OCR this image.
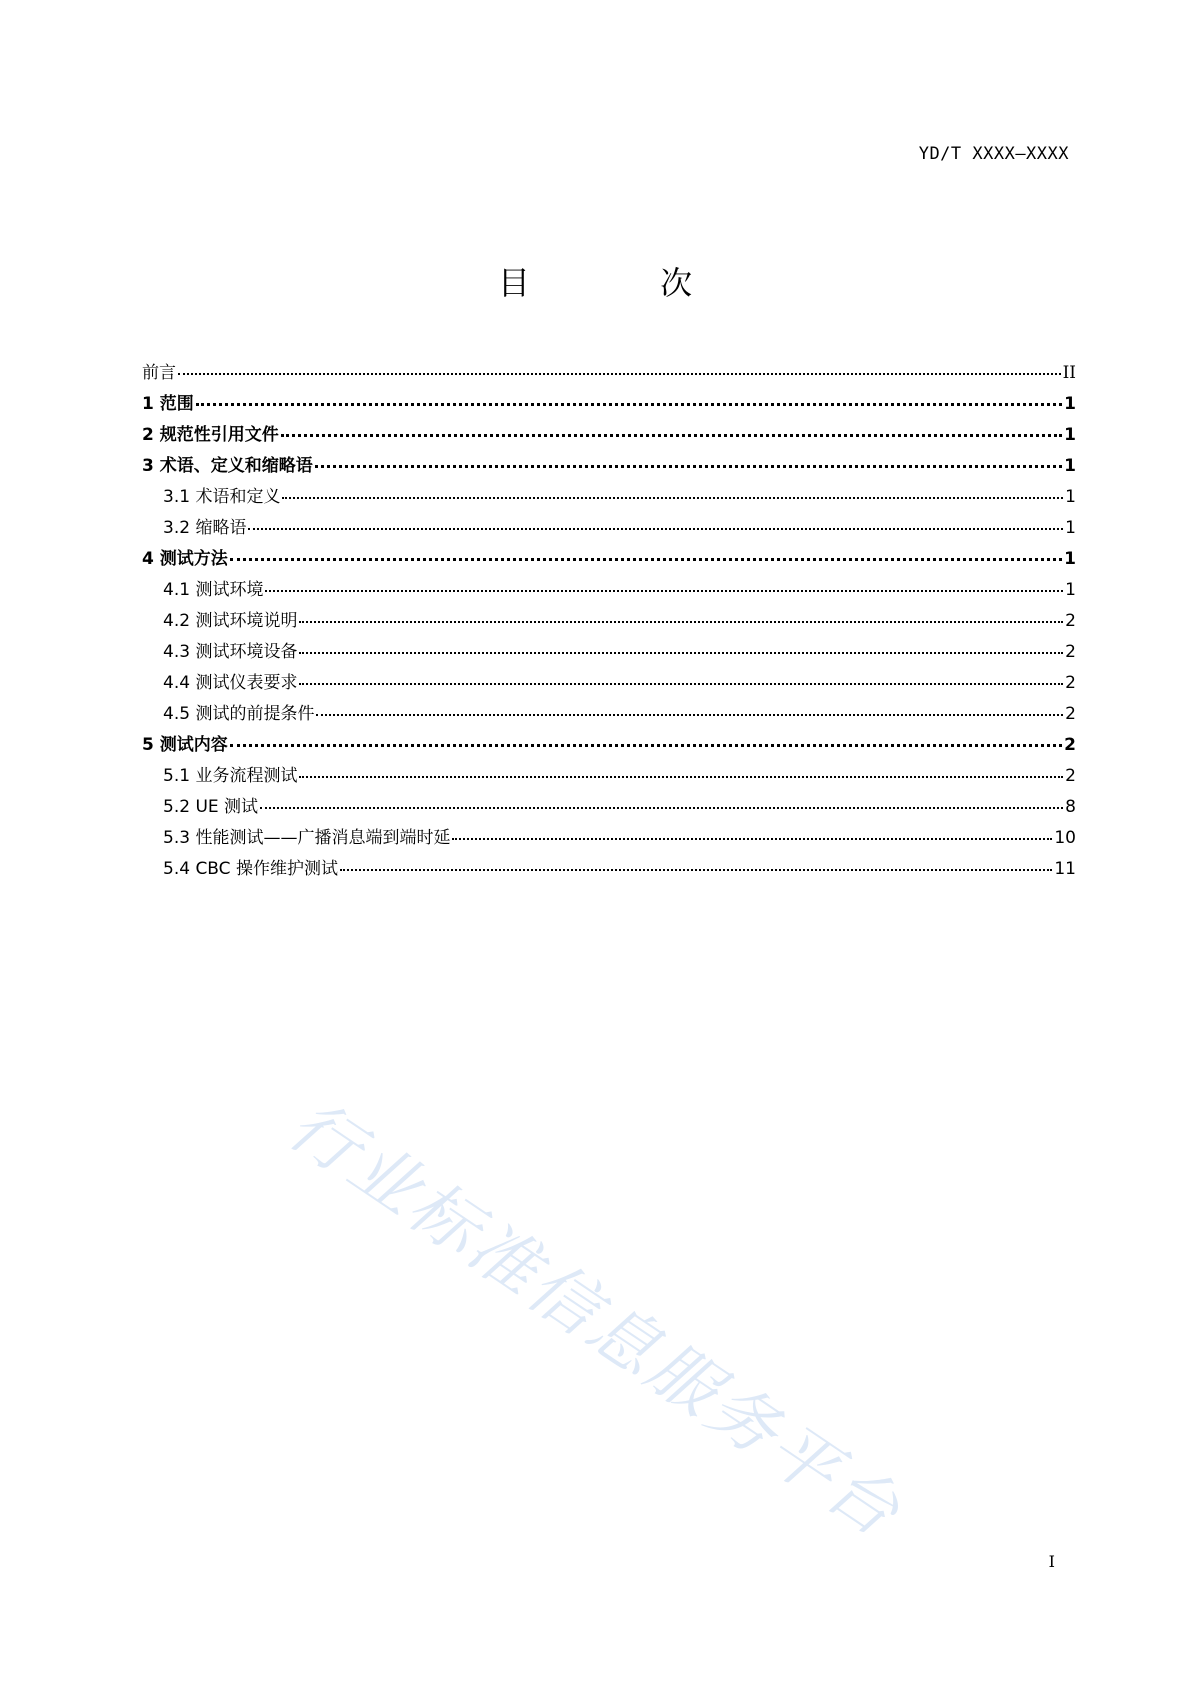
YD/T XXXX—XXXX
目 次
前言	II
1 范围	1
2 规范性引用文件	1
3 术语、定义和缩略语	1
3.1 术语和定义	1
3.2 缩略语	1
4 测试方法	1
4.1 测试环境	1
4.2 测试环境说明	2
4.3 测试环境设备	2
4.4 测试仪表要求	2
4.5 测试的前提条件	2
5 测试内容	2
5.1 业务流程测试	2
5.2 UE 测试	8
5.3 性能测试——广播消息端到端时延	10
5.4 CBC 操作维护测试	11
行业标准信息服务平台
I
